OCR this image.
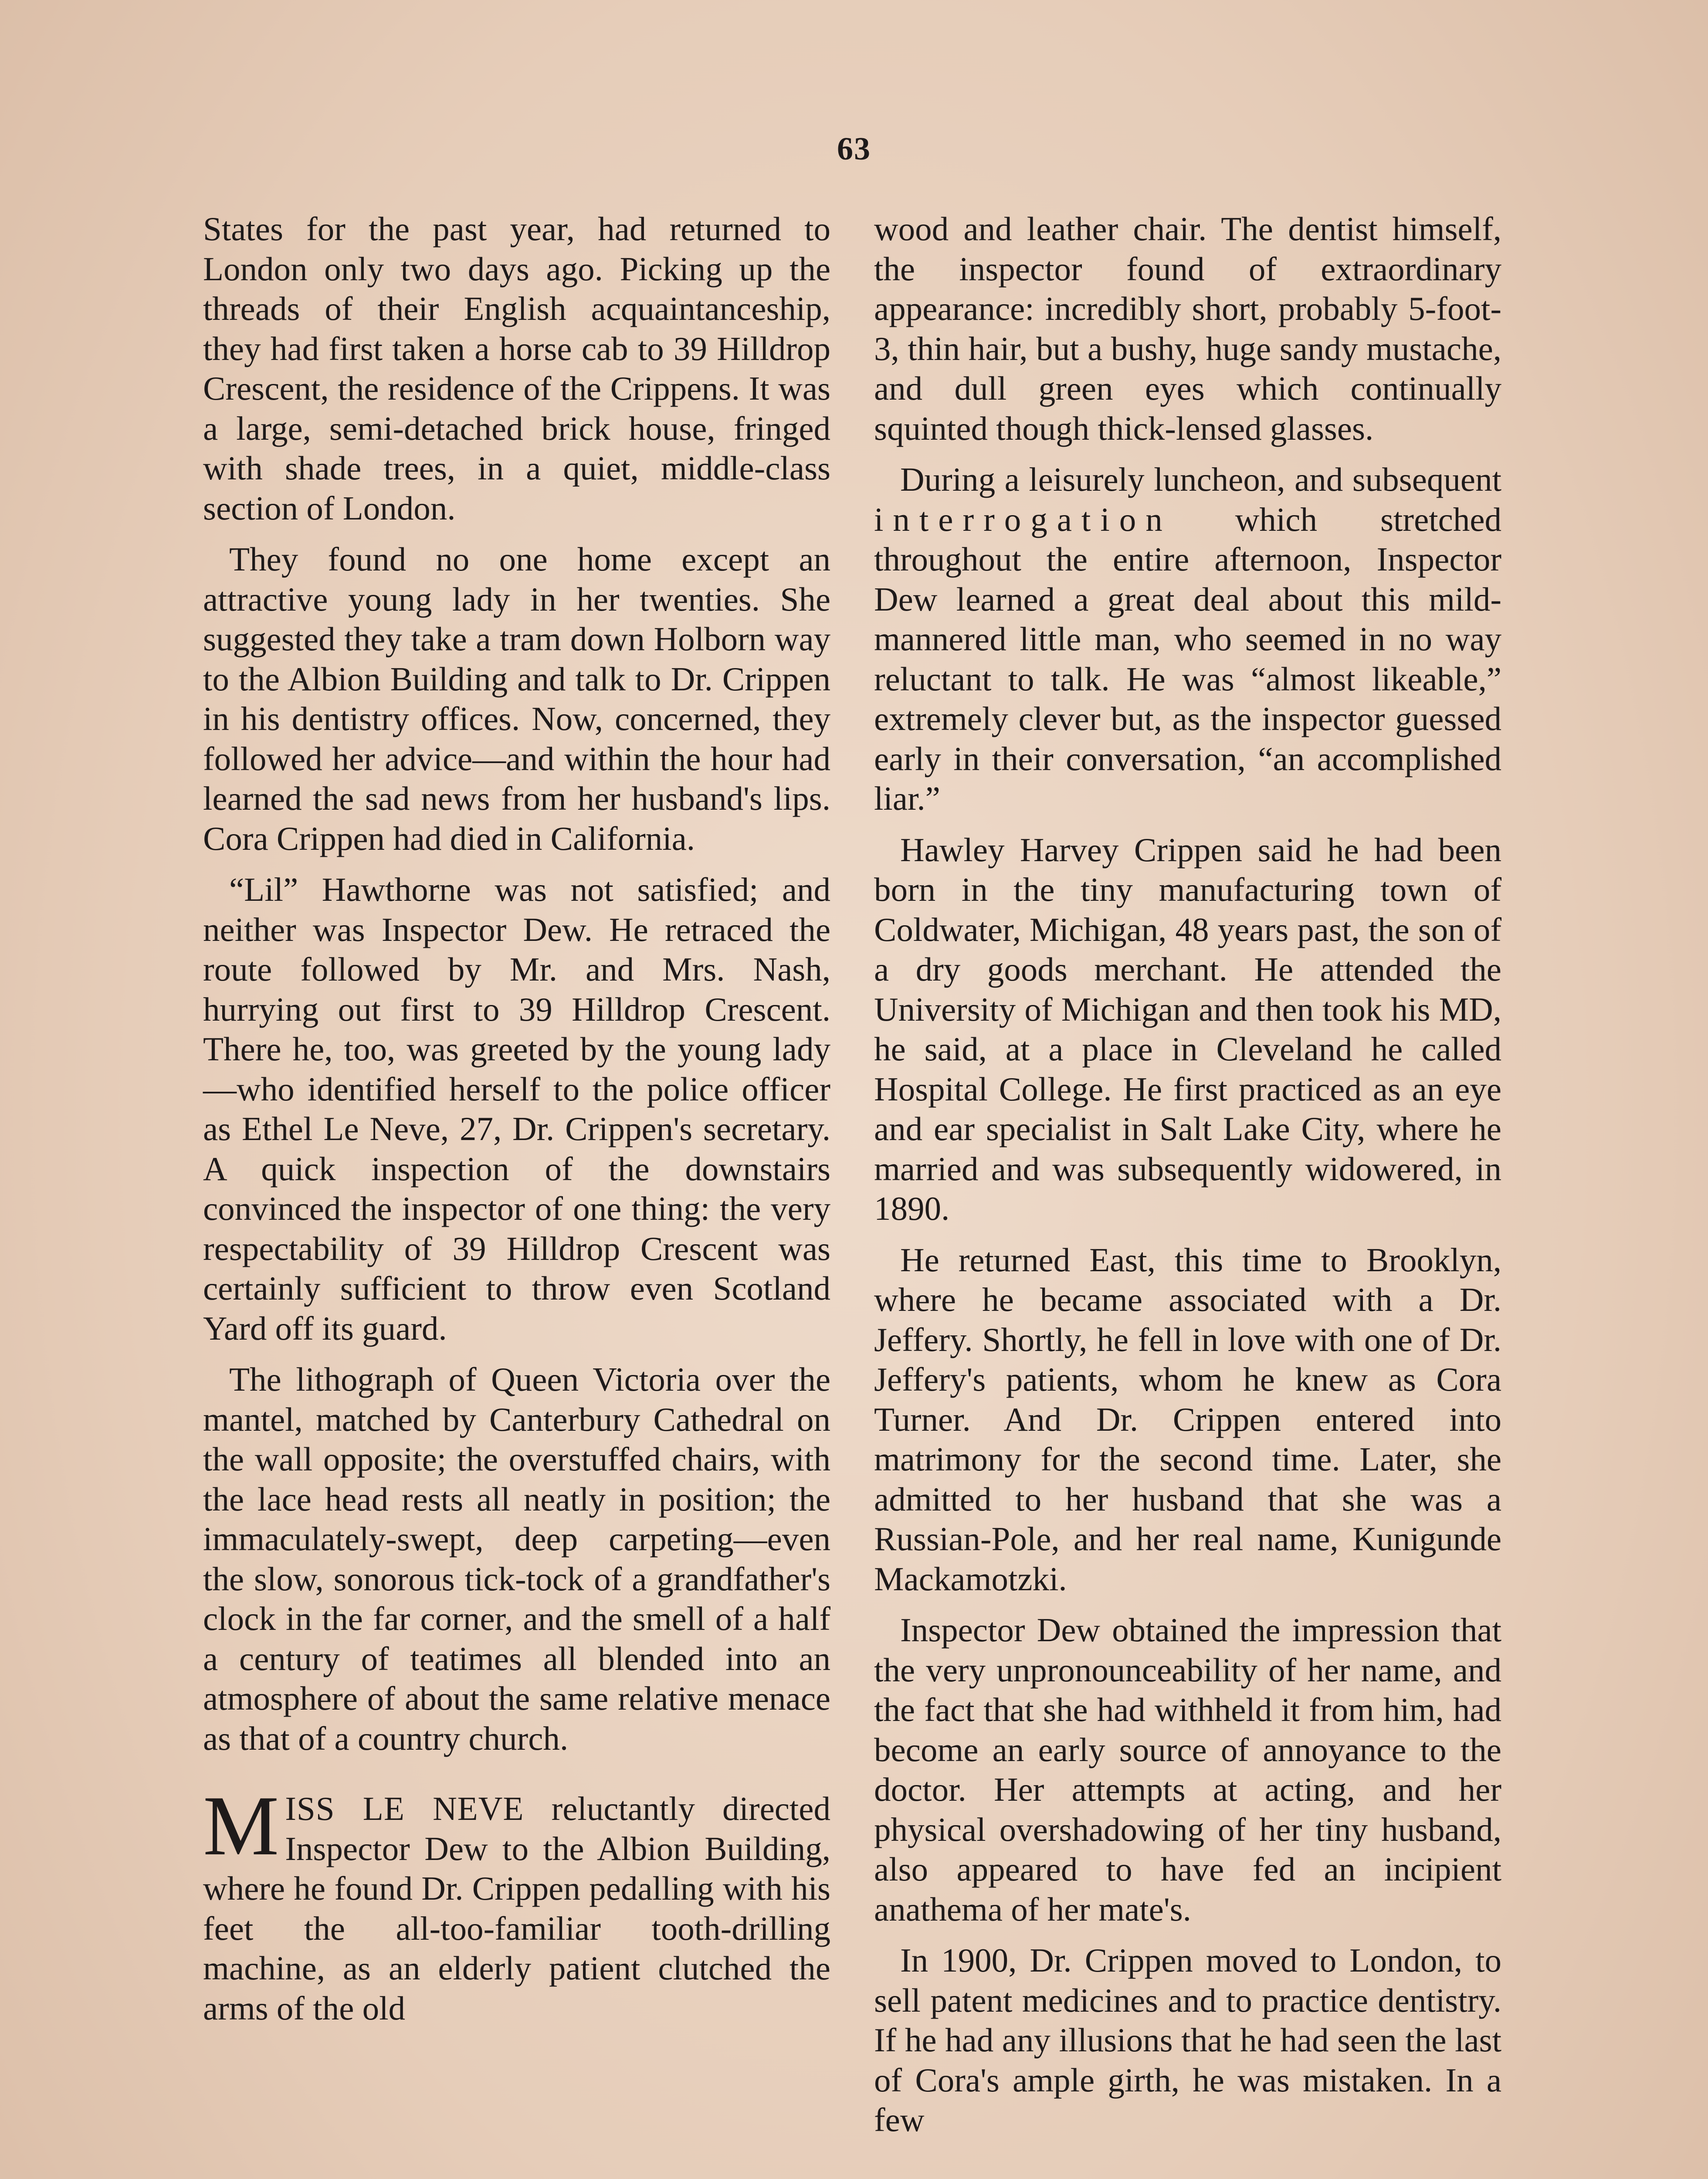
63

States for the past year, had returned to London only two days ago. Picking up the threads of their English acquaintanceship, they had first taken a horse cab to 39 Hilldrop Crescent, the residence of the Crippens. It was a large, semi-detached brick house, fringed with shade trees, in a quiet, middle-class section of London.

They found no one home except an attractive young lady in her twenties. She suggested they take a tram down Holborn way to the Albion Building and talk to Dr. Crippen in his dentistry offices. Now, concerned, they followed her advice—and within the hour had learned the sad news from her husband's lips. Cora Crippen had died in California.

“Lil” Hawthorne was not satisfied; and neither was Inspector Dew. He retraced the route followed by Mr. and Mrs. Nash, hurrying out first to 39 Hilldrop Crescent. There he, too, was greeted by the young lady—who identified herself to the police officer as Ethel Le Neve, 27, Dr. Crippen's secretary. A quick inspection of the downstairs convinced the inspector of one thing: the very respectability of 39 Hilldrop Crescent was certainly sufficient to throw even Scotland Yard off its guard.

The lithograph of Queen Victoria over the mantel, matched by Canterbury Cathedral on the wall opposite; the overstuffed chairs, with the lace head rests all neatly in position; the immaculately-swept, deep carpeting—even the slow, sonorous tick-tock of a grandfather's clock in the far corner, and the smell of a half a century of teatimes all blended into an atmosphere of about the same relative menace as that of a country church.

MISS LE NEVE reluctantly directed Inspector Dew to the Albion Building, where he found Dr. Crippen pedalling with his feet the all-too-familiar tooth-drilling machine, as an elderly patient clutched the arms of the old

wood and leather chair. The dentist himself, the inspector found of extraordinary appearance: incredibly short, probably 5-foot-3, thin hair, but a bushy, huge sandy mustache, and dull green eyes which continually squinted though thick-lensed glasses.

During a leisurely luncheon, and subsequent interrogation which stretched throughout the entire afternoon, Inspector Dew learned a great deal about this mild-mannered little man, who seemed in no way reluctant to talk. He was “almost likeable,” extremely clever but, as the inspector guessed early in their conversation, “an accomplished liar.”

Hawley Harvey Crippen said he had been born in the tiny manufacturing town of Coldwater, Michigan, 48 years past, the son of a dry goods merchant. He attended the University of Michigan and then took his MD, he said, at a place in Cleveland he called Hospital College. He first practiced as an eye and ear specialist in Salt Lake City, where he married and was subsequently widowered, in 1890.

He returned East, this time to Brooklyn, where he became associated with a Dr. Jeffery. Shortly, he fell in love with one of Dr. Jeffery's patients, whom he knew as Cora Turner. And Dr. Crippen entered into matrimony for the second time. Later, she admitted to her husband that she was a Russian-Pole, and her real name, Kunigunde Mackamotzki.

Inspector Dew obtained the impression that the very unpronounceability of her name, and the fact that she had withheld it from him, had become an early source of annoyance to the doctor. Her attempts at acting, and her physical overshadowing of her tiny husband, also appeared to have fed an incipient anathema of her mate's.

In 1900, Dr. Crippen moved to London, to sell patent medicines and to practice dentistry. If he had any illusions that he had seen the last of Cora's ample girth, he was mistaken. In a few
